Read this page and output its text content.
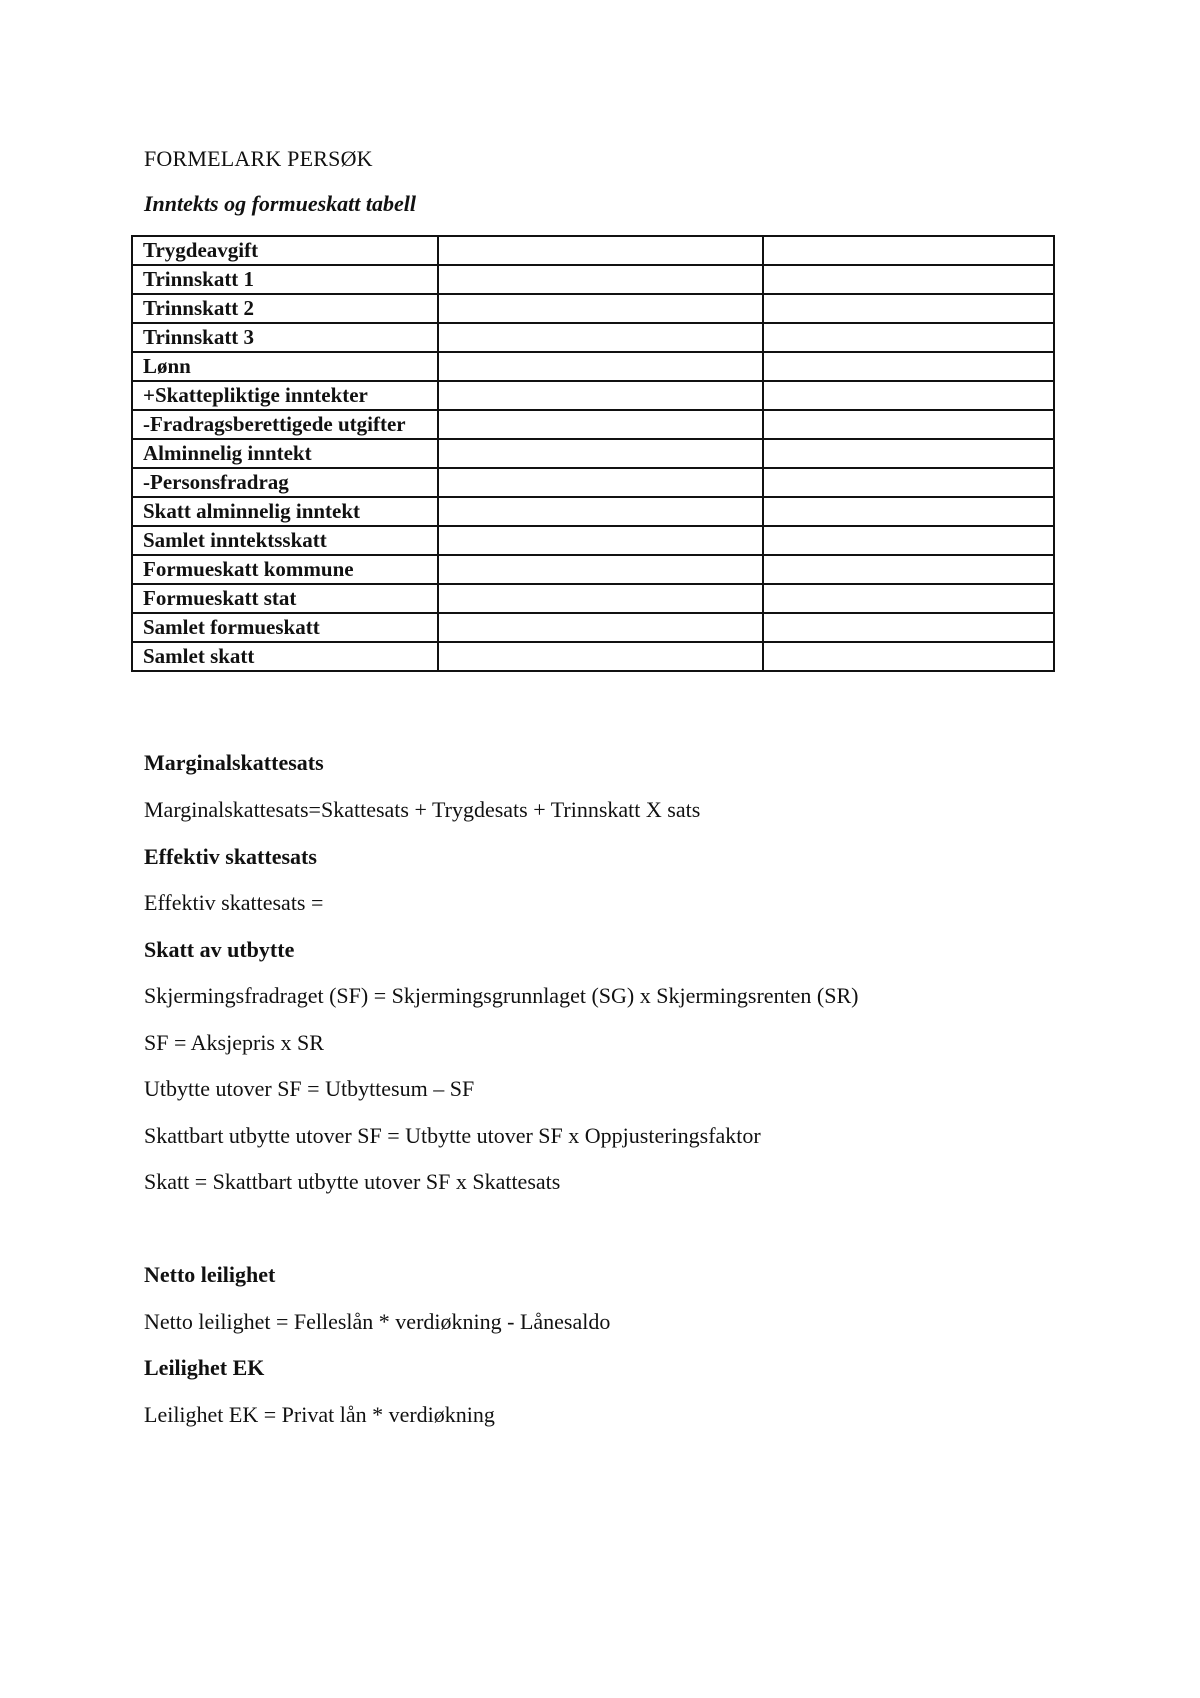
FORMELARK PERSØK
Inntekts og formueskatt tabell
Trygdeavgift		
Trinnskatt 1		
Trinnskatt 2		
Trinnskatt 3		
Lønn		
+Skattepliktige inntekter		
-Fradragsberettigede utgifter		
Alminnelig inntekt		
-Personsfradrag		
Skatt alminnelig inntekt		
Samlet inntektsskatt		
Formueskatt kommune		
Formueskatt stat		
Samlet formueskatt		
Samlet skatt		
Marginalskattesats

Marginalskattesats=Skattesats + Trygdesats + Trinnskatt X sats

Effektiv skattesats

Effektiv skattesats =

Skatt av utbytte

Skjermingsfradraget (SF) = Skjermingsgrunnlaget (SG) x Skjermingsrenten (SR)

SF = Aksjepris x SR

Utbytte utover SF = Utbyttesum – SF

Skattbart utbytte utover SF = Utbytte utover SF x Oppjusteringsfaktor

Skatt = Skattbart utbytte utover SF x Skattesats

Netto leilighet

Netto leilighet = Felleslån * verdiøkning - Lånesaldo

Leilighet EK

Leilighet EK = Privat lån * verdiøkning
